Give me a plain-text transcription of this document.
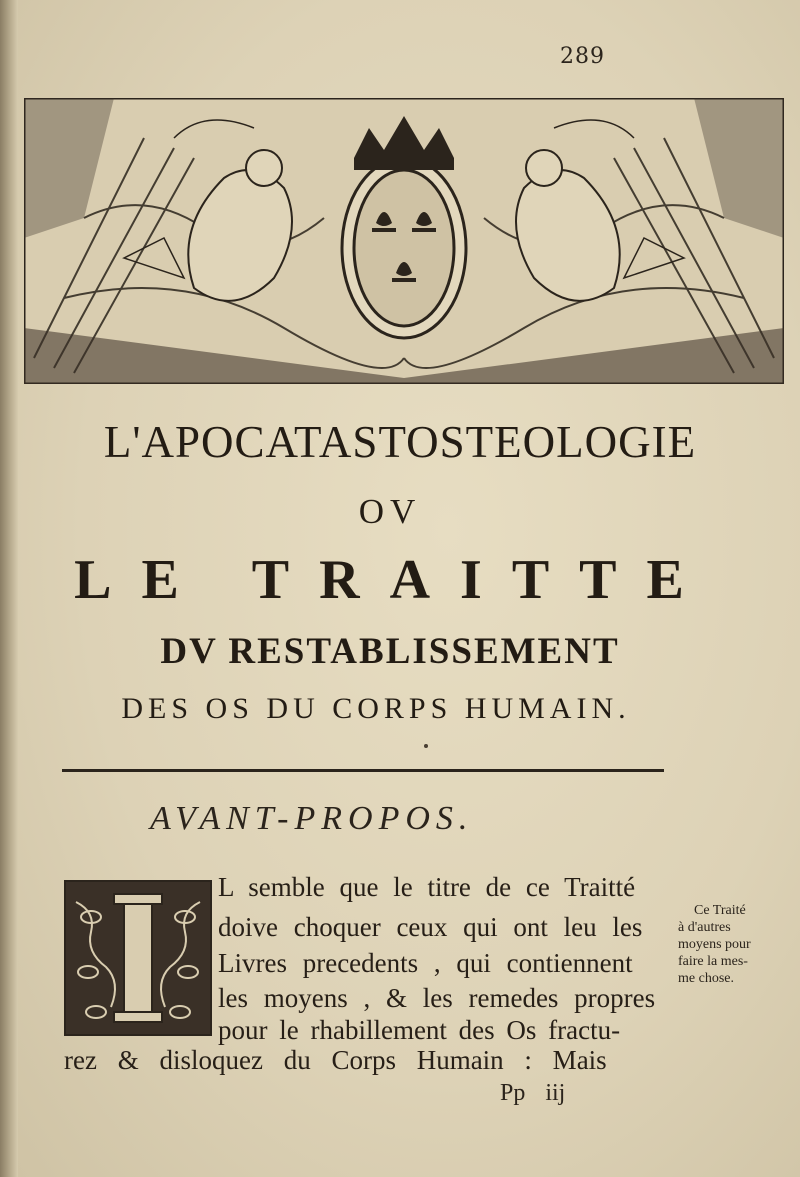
289
L'APOCATASTOSTEOLOGIE
OV
LE TRAITTE
DV RESTABLISSEMENT
DES OS DU CORPS HUMAIN.
AVANT-PROPOS.
L semble que le titre de ce Traitté
doive choquer ceux qui ont leu les
Livres precedents , qui contiennent
les moyens , & les remedes propres
pour le rhabillement des Os fractu-
rez & disloquez du Corps Humain : Mais
Pp iij
Ce Traité
à d'autres
moyens pour
faire la mes-
me chose.
